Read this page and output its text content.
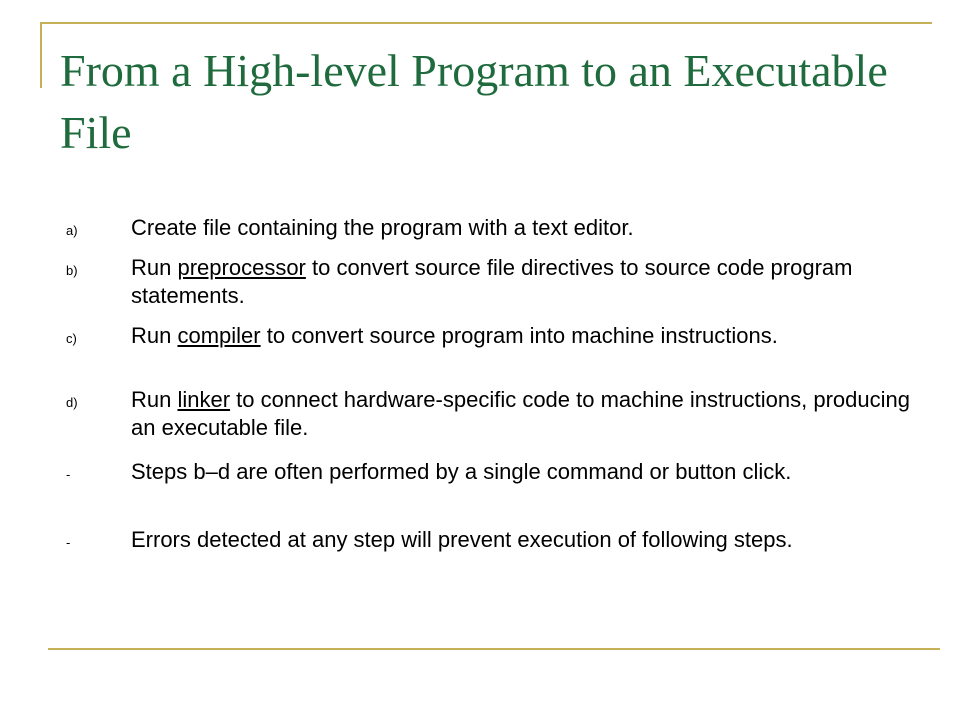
From a High-level Program to an Executable File
a) Create file containing the program with a text editor.
b) Run preprocessor to convert source file directives to source code program statements.
c) Run compiler to convert source program into machine instructions.
d) Run linker to connect hardware-specific code to machine instructions, producing an executable file.
-	Steps b–d are often performed by a single command or button click.
-	Errors detected at any step will prevent execution of following steps.
